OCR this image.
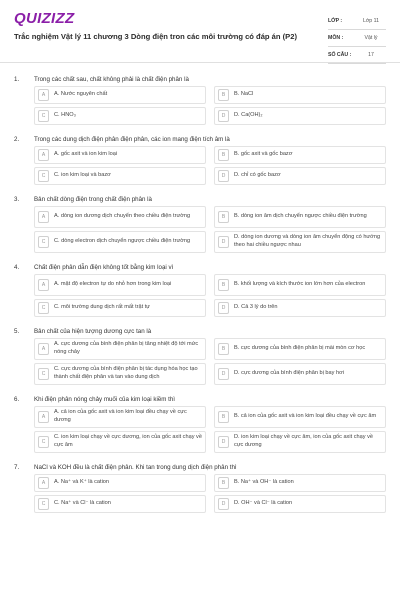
QUIZIZZ
Trắc nghiệm Vật lý 11 chương 3 Dòng điện tron các môi trường có đáp án (P2)
LỚP :	Lớp 11
MÔN :	Vật lý
SỐ CÂU :	17
1.	Trong các chất sau, chất không phải là chất điện phân là
A	A. Nước nguyên chất	B	B. NaCl
C	C. HNO₃	D	D. Ca(OH)₂
2.	Trong các dung dịch điện phân điện phân, các ion mang điện tích âm là
A	A. gốc axit và ion kim loại	B	B. gốc axit và gốc bazơ
C	C. ion kim loại và bazơ	D	D. chỉ có gốc bazơ
3.	Bản chất dòng điện trong chất điện phân là
A	A. dòng ion dương dịch chuyển theo chiều điện trường	B	B. dòng ion âm dịch chuyển ngược chiều điện trường
C	C. dòng electron dịch chuyển ngược chiều điện trường	D
D. dòng ion dương và dòng ion âm chuyển động có hướng theo hai chiều ngược nhau
4.	Chất điện phân dẫn điện không tốt bằng kim loại vì
A	A. mật độ electron tự do nhỏ hơn trong kim loại	B	B. khối lượng và kích thước ion lớn hơn của electron
C	C. môi trường dung dịch rất mất trật tự	D	D. Cả 3 lý do trên
5.	Bản chất của hiện tượng dương cực tan là
A
A. cực dương của bình điện phân bị tăng nhiệt độ tới mức nóng chảy	B	B. cực dương của bình điện phân bị mài mòn cơ học
C
C. cực dương của bình điện phân bị tác dụng hóa học tạo thành chất điện phân và tan vào dung dịch	D	D. cực dương của bình điện phân bị bay hơi
6.	Khi điện phân nóng chảy muối của kim loại kiềm thì
A
A. cả ion của gốc axit và ion kim loại đều chạy về cực dương	B	B. cả ion của gốc axit và ion kim loại đều chạy về cực âm
C
C. ion kim loại chạy về cực dương, ion của gốc axit chạy về cực âm	D
D. ion kim loại chạy về cực âm, ion của gốc axit chạy về cực dương
7.	NaCl và KOH đều là chất điện phân. Khi tan trong dung dịch điện phân thì
A	A. Na⁺ và K⁺ là cation	B	B. Na⁺ và OH⁻ là cation
C	C. Na⁺ và Cl⁻ là cation	D	D. OH⁻ và Cl⁻ là cation
